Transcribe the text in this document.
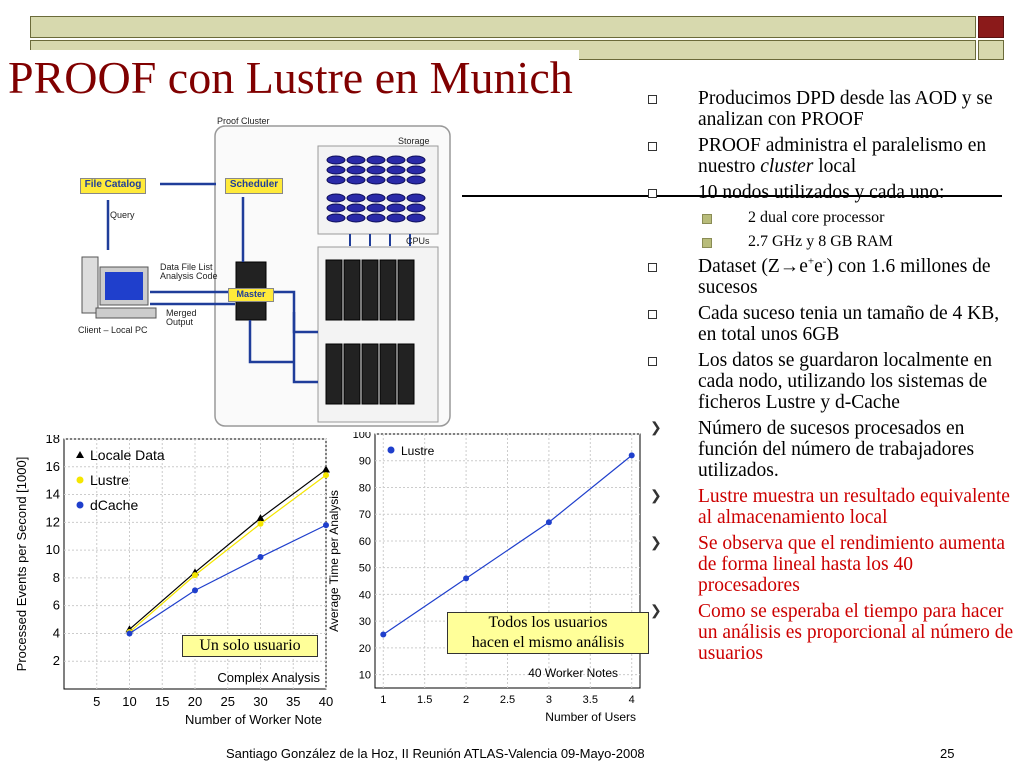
PROOF con Lustre en Munich	Producimos DPD desde las AOD y se analizan con PROOF
PROOF administra el paralelismo en nuestro cluster local
10 nodos utilizados y cada uno:
2 dual core processor
2.7 GHz y 8 GB RAM
Dataset (Z→e+e-) con 1.6 millones de sucesos
Cada suceso tenia un tamaño de 4 KB, en total unos 6GB
Los datos se guardaron localmente en cada nodo, utilizando los sistemas de ficheros Lustre y d-Cache
❯ Número de sucesos procesados en función del número de trabajadores utilizados.
❯ Lustre muestra un resultado equivalente al almacenamiento local
❯ Se observa que el rendimiento aumenta de forma lineal hasta los 40 procesadores
❯ Como se esperaba el tiempo para hacer un análisis es proporcional al número de usuarios
Proof Cluster
Storage
CPUs
File Catalog	Scheduler
Query
Master
Data File List
Analysis Code
Merged
Output
Client – Local PC
2
4
6
8
10
12
14
16
18
5 10 15 20 25 30 35 40
Number of Worker Note
Processed Events per Second [1000]
Complex Analysis
Locale Data
Lustre
dCache
Un solo usuario
10
20
30
40
50
60
70
80
90
100
1	1.5	2	2.5	3	3.5	4
Number of Users
Average Time per Analysis
40 Worker Notes
Lustre
Todos los usuarios
hacen el mismo análisis
Santiago González de la Hoz, II Reunión ATLAS-Valencia 09-Mayo-2008	25
